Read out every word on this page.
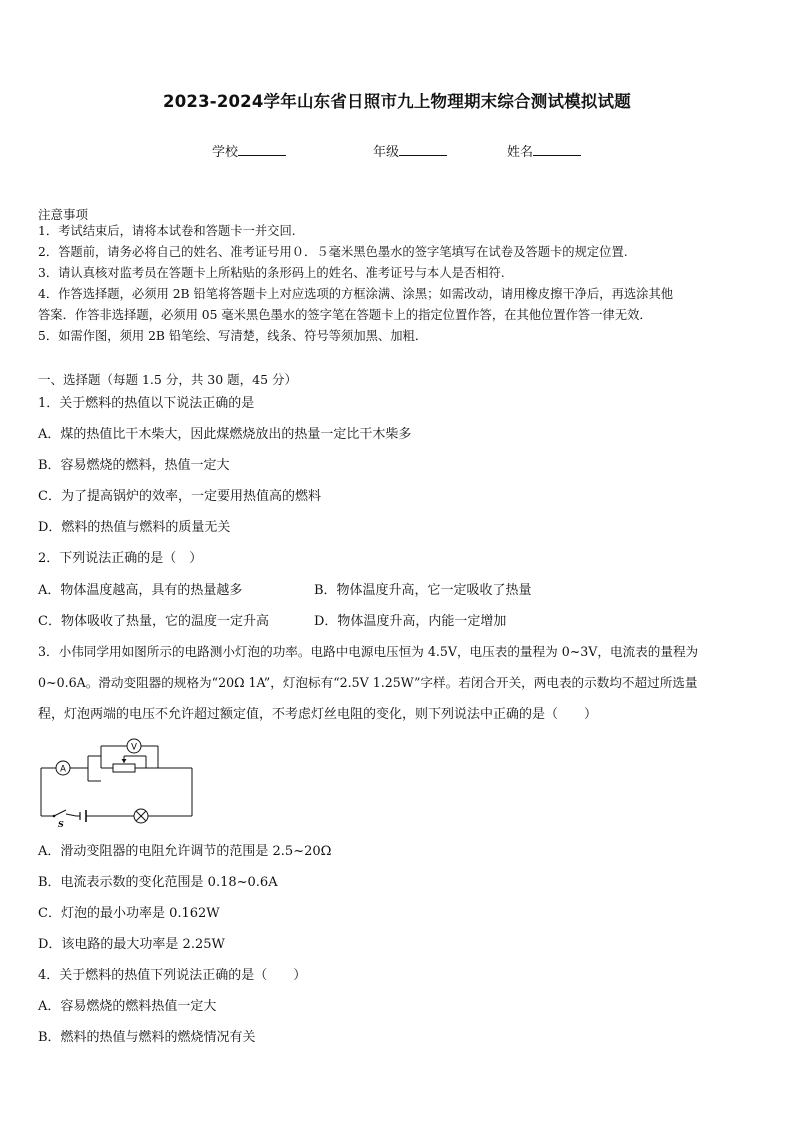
2023-2024学年山东省日照市九上物理期末综合测试模拟试题
学校	年级	姓名
注意事项
1．考试结束后，请将本试卷和答题卡一并交回.
2．答题前，请务必将自己的姓名、准考证号用０．５毫米黑色墨水的签字笔填写在试卷及答题卡的规定位置.
3．请认真核对监考员在答题卡上所粘贴的条形码上的姓名、准考证号与本人是否相符.
4．作答选择题，必须用 2B 铅笔将答题卡上对应选项的方框涂满、涂黑；如需改动，请用橡皮擦干净后，再选涂其他
答案．作答非选择题，必须用 05 毫米黑色墨水的签字笔在答题卡上的指定位置作答，在其他位置作答一律无效．
5．如需作图，须用 2B 铅笔绘、写清楚，线条、符号等须加黑、加粗．
一、选择题（每题 1.5 分，共 30 题，45 分）
1．关于燃料的热值以下说法正确的是
A．煤的热值比干木柴大，因此煤燃烧放出的热量一定比干木柴多
B．容易燃烧的燃料，热值一定大
C．为了提高锅炉的效率，一定要用热值高的燃料
D．燃料的热值与燃料的质量无关
2．下列说法正确的是（　）
A．物体温度越高，具有的热量越多	B．物体温度升高，它一定吸收了热量
C．物体吸收了热量，它的温度一定升高	D．物体温度升高，内能一定增加
3．小伟同学用如图所示的电路测小灯泡的功率。电路中电源电压恒为 4.5V，电压表的量程为 0~3V，电流表的量程为
0~0.6A。滑动变阻器的规格为“20Ω 1A”，灯泡标有“2.5V 1.25W”字样。若闭合开关，两电表的示数均不超过所选量
程，灯泡两端的电压不允许超过额定值，不考虑灯丝电阻的变化，则下列说法中正确的是（　　）
A
V
S
A．滑动变阻器的电阻允许调节的范围是 2.5~20Ω
B．电流表示数的变化范围是 0.18~0.6A
C．灯泡的最小功率是 0.162W
D．该电路的最大功率是 2.25W
4．关于燃料的热值下列说法正确的是（　　）
A．容易燃烧的燃料热值一定大
B．燃料的热值与燃料的燃烧情况有关
